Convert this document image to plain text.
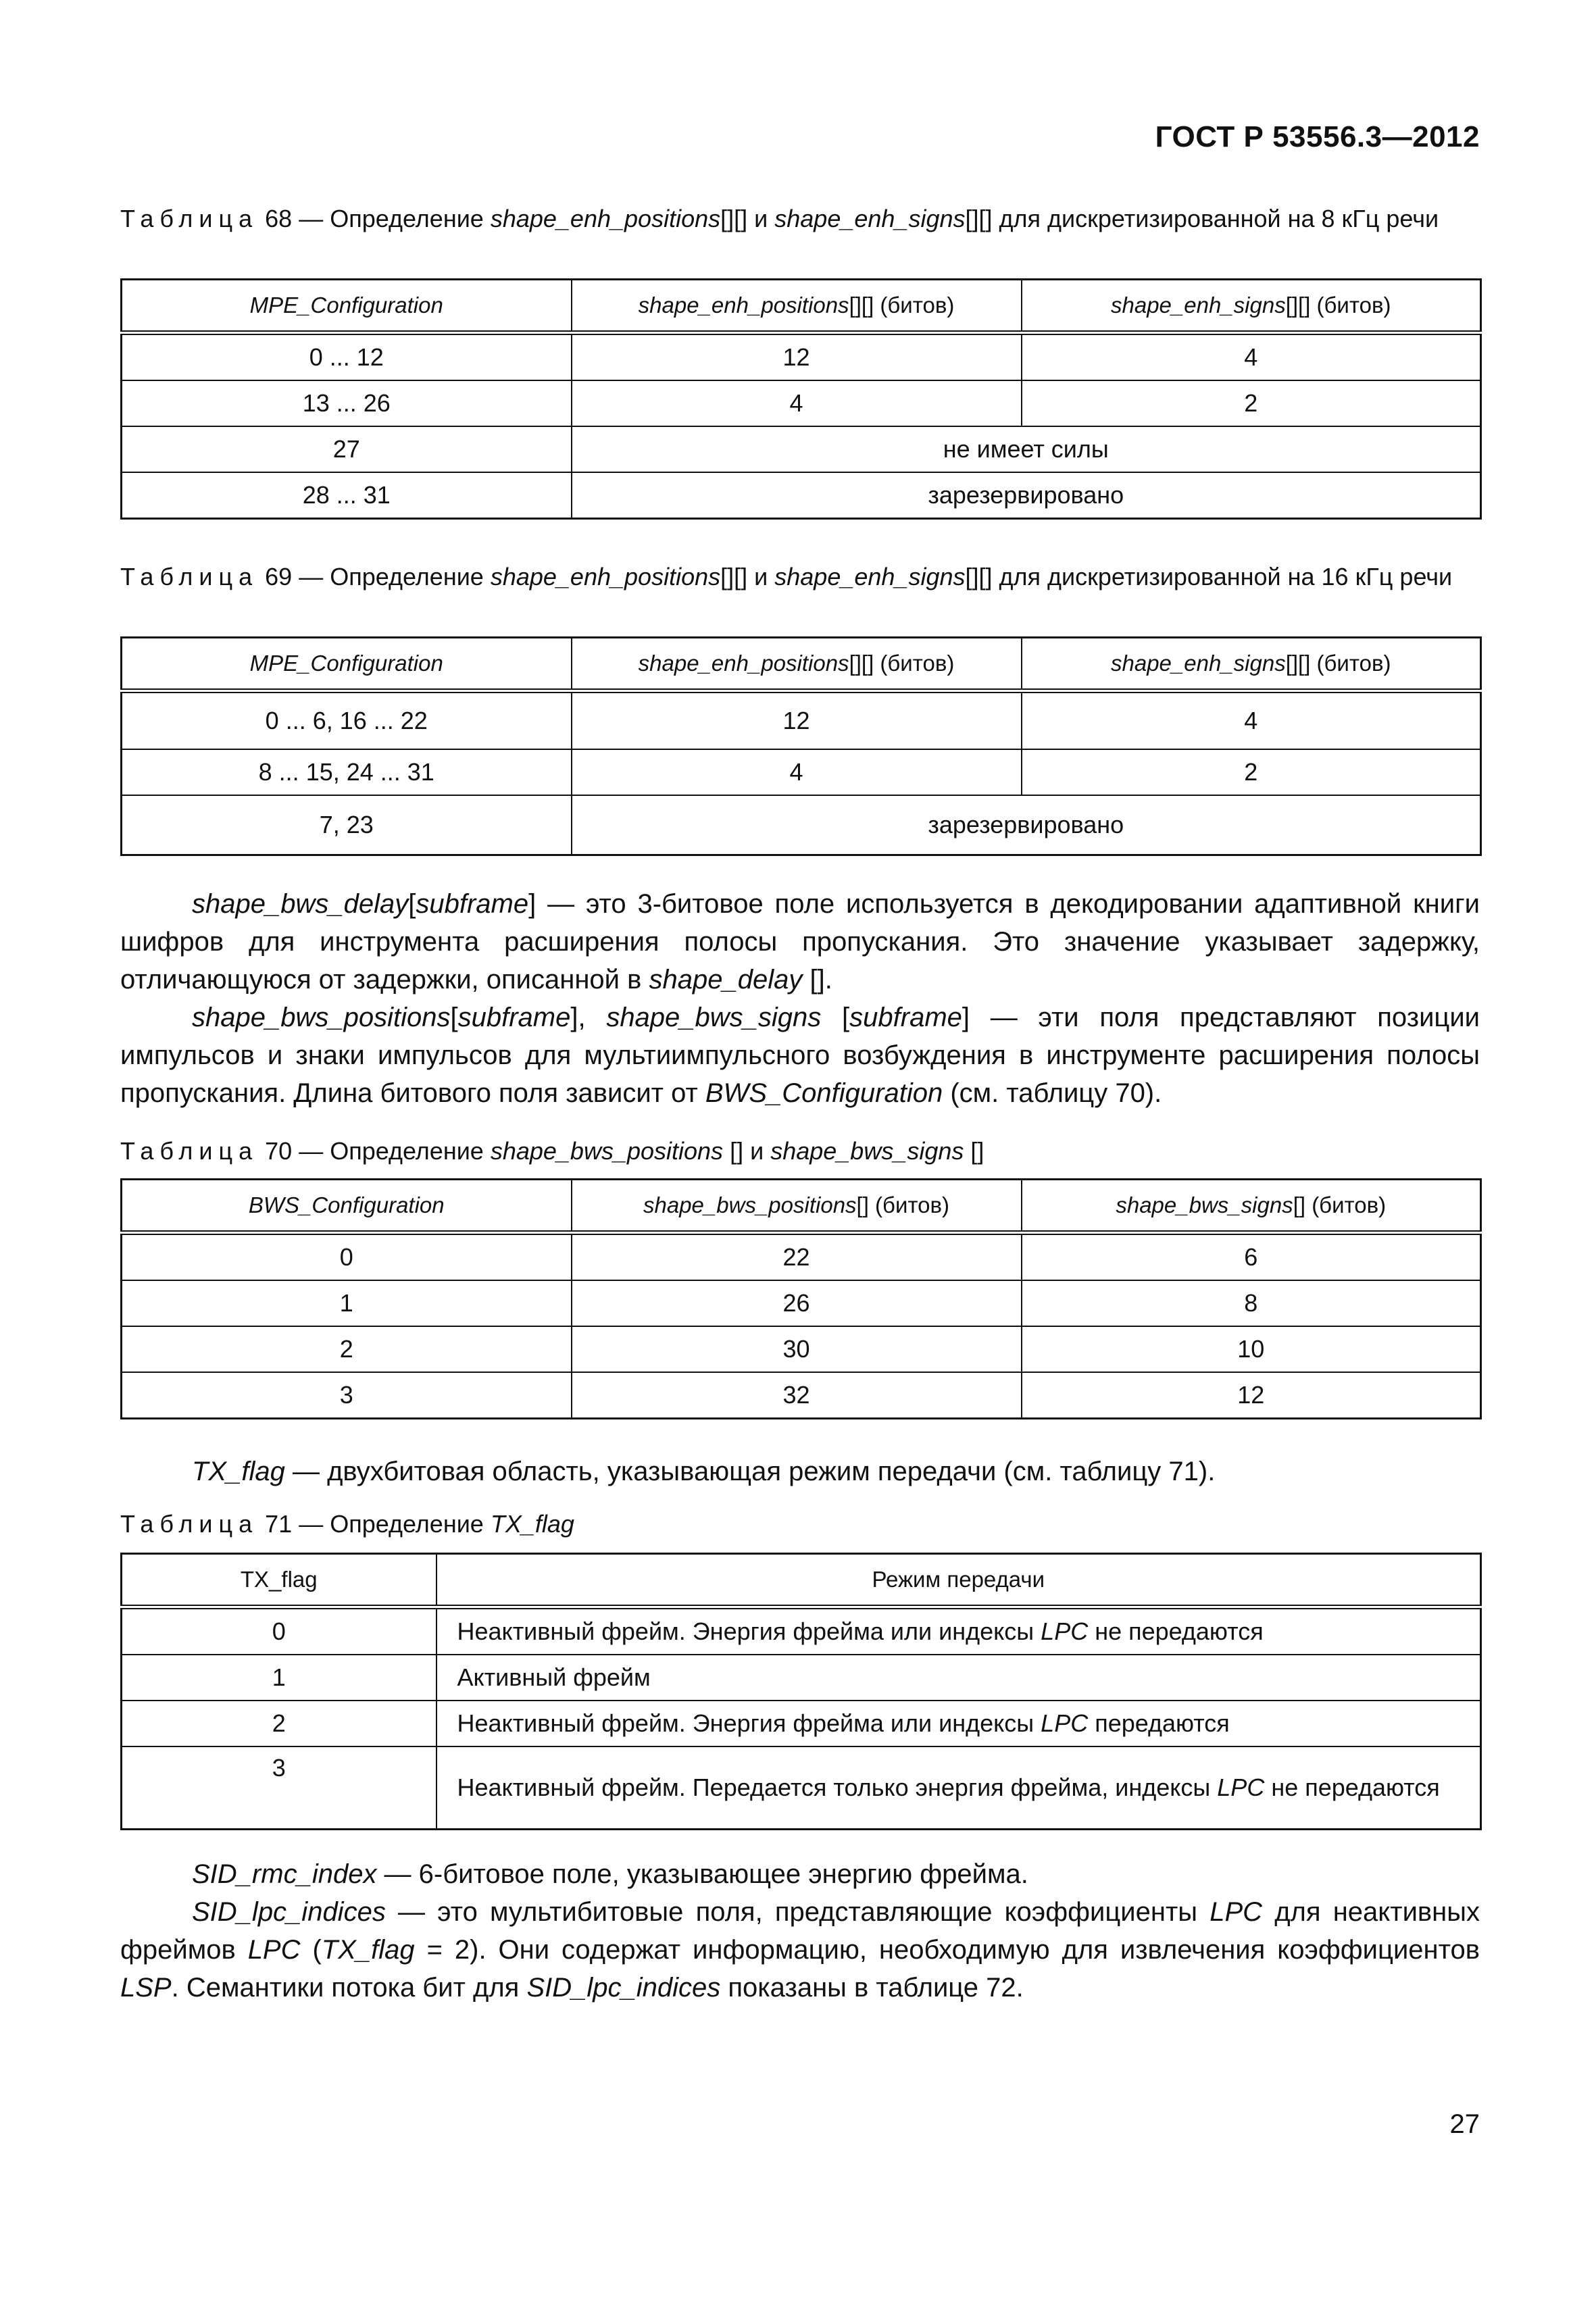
ГОСТ Р 53556.3—2012
Таблица 68 — Определение shape_enh_positions[][] и shape_enh_signs[][] для дискретизированной на 8 кГц речи
MPE_Configuration	shape_enh_positions[][] (битов)	shape_enh_signs[][] (битов)
0 ... 12	12	4
13 ... 26	4	2
27	не имеет силы	
28 ... 31	зарезервировано	
Таблица 69 — Определение shape_enh_positions[][] и shape_enh_signs[][] для дискретизированной на 16 кГц речи
MPE_Configuration	shape_enh_positions[][] (битов)	shape_enh_signs[][] (битов)
0 ... 6, 16 ... 22	12	4
8 ... 15, 24 ... 31	4	2
7, 23	зарезервировано	

shape_bws_delay[subframe] — это 3-битовое поле используется в декодировании адаптивной книги шифров для инструмента расширения полосы пропускания. Это значение указывает задержку, отличающуюся от задержки, описанной в shape_delay [].

shape_bws_positions[subframe], shape_bws_signs [subframe] — эти поля представляют позиции импульсов и знаки импульсов для мультиимпульсного возбуждения в инструменте расширения полосы пропускания. Длина битового поля зависит от BWS_Configuration (см. таблицу 70).

Таблица 70 — Определение shape_bws_positions [] и shape_bws_signs []
BWS_Configuration	shape_bws_positions[] (битов)	shape_bws_signs[] (битов)
0	22	6
1	26	8
2	30	10
3	32	12

TX_flag — двухбитовая область, указывающая режим передачи (см. таблицу 71).

Таблица 71 — Определение TX_flag
TX_flag	Режим передачи
0	Неактивный фрейм. Энергия фрейма или индексы LPC не передаются
1	Активный фрейм
2	Неактивный фрейм. Энергия фрейма или индексы LPC передаются
3	Неактивный фрейм. Передается только энергия фрейма, индексы LPC не передаются

SID_rmc_index — 6-битовое поле, указывающее энергию фрейма.

SID_lpc_indices — это мультибитовые поля, представляющие коэффициенты LPC для неактивных фреймов LPC (TX_flag = 2). Они содержат информацию, необходимую для извлечения коэффициентов LSP. Семантики потока бит для SID_lpc_indices показаны в таблице 72.

27
